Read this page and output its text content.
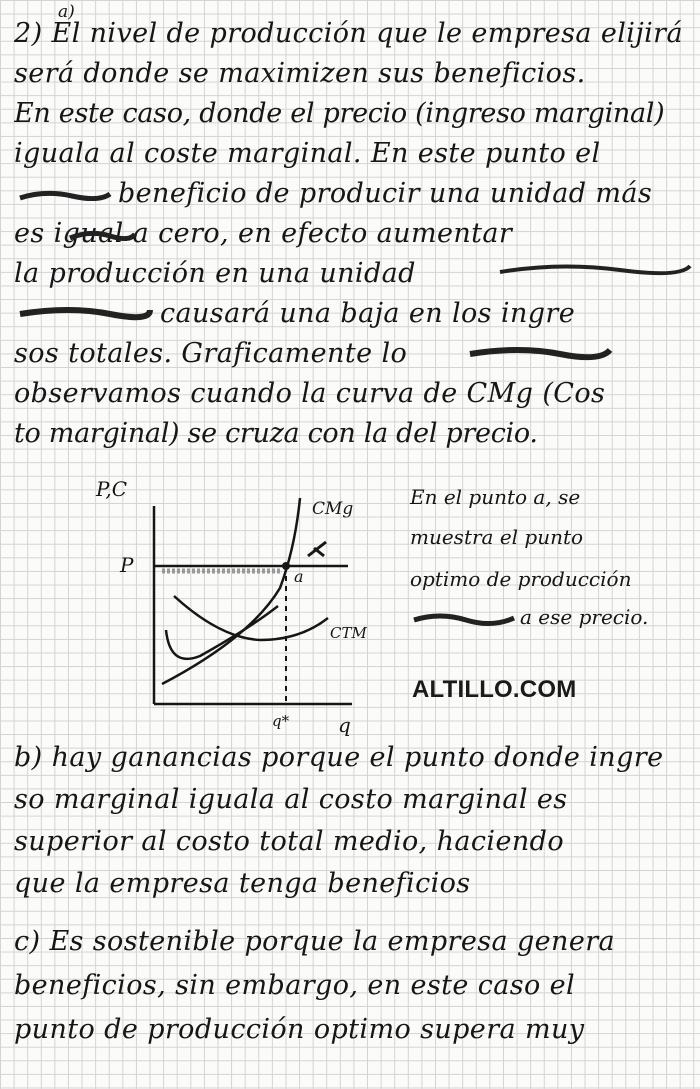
a)
2) El nivel de producción que le empresa elijirá
será donde se maximizen sus beneficios.
En este caso, donde el precio (ingreso marginal)
iguala al coste marginal. En este punto el
beneficio de producir una unidad más
es igual a cero, en efecto aumentar
la producción en una unidad
causará una baja en los ingre
sos totales. Graficamente lo
observamos cuando la curva de CMg (Cos
to marginal) se cruza con la del precio.
P,C
P	a
CMg
CTM
q* q
En el punto a, se
muestra el punto
optimo de producción
a ese precio.
ALTILLO.COM
b) hay ganancias porque el punto donde ingre
so marginal iguala al costo marginal es
superior al costo total medio, haciendo
que la empresa tenga beneficios
c) Es sostenible porque la empresa genera
beneficios, sin embargo, en este caso el
punto de producción optimo supera muy
